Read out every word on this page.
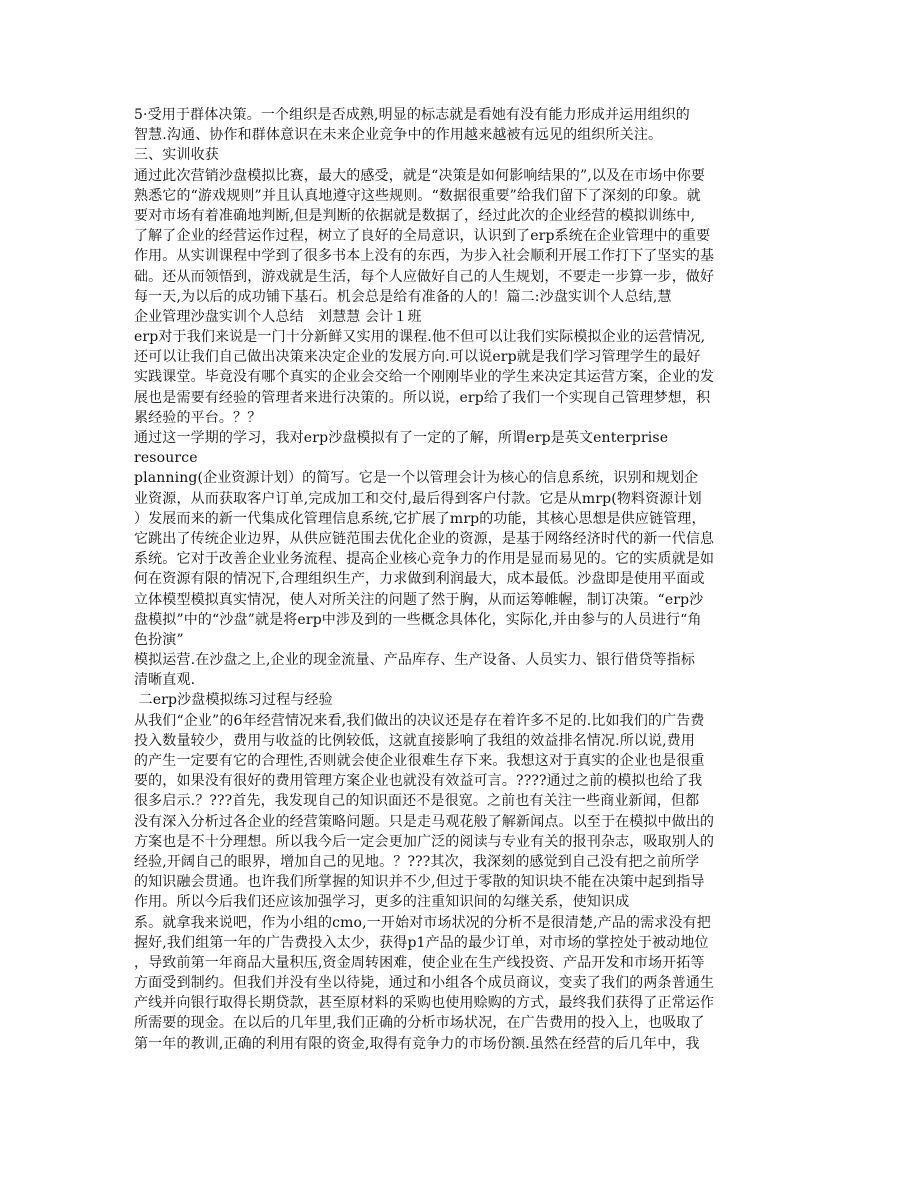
5·受用于群体决策。一个组织是否成熟,明显的标志就是看她有没有能力形成并运用组织的
智慧.沟通、协作和群体意识在未来企业竞争中的作用越来越被有远见的组织所关注。
三、实训收获
通过此次营销沙盘模拟比赛，最大的感受，就是“决策是如何影响结果的”,以及在市场中你要
熟悉它的“游戏规则”并且认真地遵守这些规则。“数据很重要”给我们留下了深刻的印象。就
要对市场有着准确地判断,但是判断的依据就是数据了，经过此次的企业经营的模拟训练中,
了解了企业的经营运作过程，树立了良好的全局意识，认识到了erp系统在企业管理中的重要
作用。从实训课程中学到了很多书本上没有的东西，为步入社会顺利开展工作打下了坚实的基
础。还从而领悟到，游戏就是生活，每个人应做好自己的人生规划，不要走一步算一步，做好
每一天,为以后的成功铺下基石。机会总是给有准备的人的！篇二:沙盘实训个人总结,慧
企业管理沙盘实训个人总结　刘慧慧 会计１班
erp对于我们来说是一门十分新鲜又实用的课程.他不但可以让我们实际模拟企业的运营情况,
还可以让我们自己做出决策来决定企业的发展方向.可以说erp就是我们学习管理学生的最好
实践课堂。毕竟没有哪个真实的企业会交给一个刚刚毕业的学生来决定其运营方案，企业的发
展也是需要有经验的管理者来进行决策的。所以说，erp给了我们一个实现自己管理梦想，积
累经验的平台。？？
通过这一学期的学习，我对erp沙盘模拟有了一定的了解，所谓erp是英文enterprise
resource
planning(企业资源计划）的简写。它是一个以管理会计为核心的信息系统，识别和规划企
业资源，从而获取客户订单,完成加工和交付,最后得到客户付款。它是从mrp(物料资源计划
）发展而来的新一代集成化管理信息系统,它扩展了mrp的功能，其核心思想是供应链管理，
它跳出了传统企业边界，从供应链范围去优化企业的资源，是基于网络经济时代的新一代信息
系统。它对于改善企业业务流程、提高企业核心竞争力的作用是显而易见的。它的实质就是如
何在资源有限的情况下,合理组织生产，力求做到利润最大，成本最低。沙盘即是使用平面或
立体模型模拟真实情况，使人对所关注的问题了然于胸，从而运筹帷幄，制订决策。“erp沙
盘模拟”中的“沙盘”就是将erp中涉及到的一些概念具体化，实际化,并由参与的人员进行“角
色扮演”
模拟运营.在沙盘之上,企业的现金流量、产品库存、生产设备、人员实力、银行借贷等指标
清晰直观.
二erp沙盘模拟练习过程与经验
从我们“企业”的6年经营情况来看,我们做出的决议还是存在着许多不足的.比如我们的广告费
投入数量较少，费用与收益的比例较低，这就直接影响了我组的效益排名情况.所以说,费用
的产生一定要有它的合理性,否则就会使企业很难生存下来。我想这对于真实的企业也是很重
要的，如果没有很好的费用管理方案企业也就没有效益可言。????通过之前的模拟也给了我
很多启示.？???首先，我发现自己的知识面还不是很宽。之前也有关注一些商业新闻，但都
没有深入分析过各企业的经营策略问题。只是走马观花般了解新闻点。以至于在模拟中做出的
方案也是不十分理想。所以我今后一定会更加广泛的阅读与专业有关的报刊杂志，吸取别人的
经验,开阔自己的眼界，增加自己的见地。？???其次，我深刻的感觉到自己没有把之前所学
的知识融会贯通。也许我们所掌握的知识并不少,但过于零散的知识块不能在决策中起到指导
作用。所以今后我们还应该加强学习，更多的注重知识间的勾继关系，使知识成
系。就拿我来说吧，作为小组的cmo,一开始对市场状况的分析不是很清楚,产品的需求没有把
握好,我们组第一年的广告费投入太少，获得p1产品的最少订单，对市场的掌控处于被动地位
，导致前第一年商品大量积压,资金周转困难，使企业在生产线投资、产品开发和市场开拓等
方面受到制约。但我们并没有坐以待毙，通过和小组各个成员商议，变卖了我们的两条普通生
产线并向银行取得长期贷款，甚至原材料的采购也使用赊购的方式，最终我们获得了正常运作
所需要的现金。在以后的几年里,我们正确的分析市场状况，在广告费用的投入上，也吸取了
第一年的教训,正确的利用有限的资金,取得有竞争力的市场份额.虽然在经营的后几年中，我
